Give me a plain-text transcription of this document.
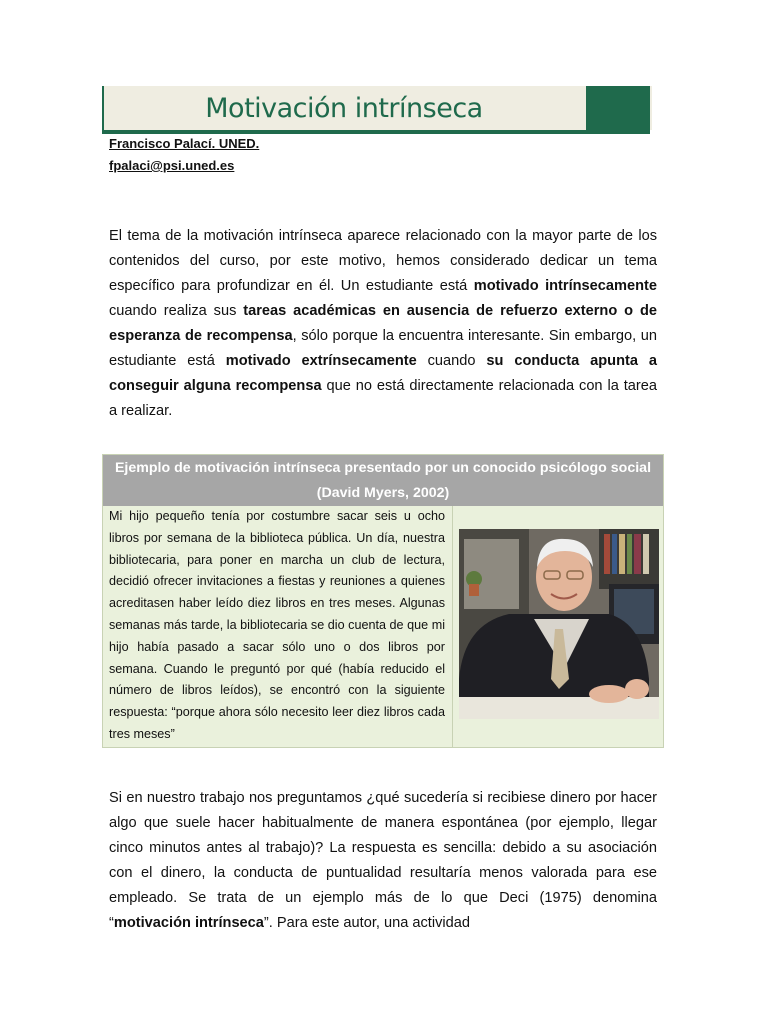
Motivación intrínseca
Francisco Palací. UNED.
fpalaci@psi.uned.es
El tema de la motivación intrínseca aparece relacionado con la mayor parte de los contenidos del curso, por este motivo, hemos considerado dedicar un tema específico para profundizar en él. Un estudiante está motivado intrínsecamente cuando realiza sus tareas académicas en ausencia de refuerzo externo o de esperanza de recompensa, sólo porque la encuentra interesante. Sin embargo, un estudiante está motivado extrínsecamente cuando su conducta apunta a conseguir alguna recompensa que no está directamente relacionada con la tarea a realizar.
Ejemplo de motivación intrínseca presentado por un conocido psicólogo social (David Myers, 2002)
Mi hijo pequeño tenía por costumbre sacar seis u ocho libros por semana de la biblioteca pública. Un día, nuestra bibliotecaria, para poner en marcha un club de lectura, decidió ofrecer invitaciones a fiestas y reuniones a quienes acreditasen haber leído diez libros en tres meses. Algunas semanas más tarde, la bibliotecaria se dio cuenta de que mi hijo había pasado a sacar sólo uno o dos libros por semana. Cuando le preguntó por qué (había reducido el número de libros leídos), se encontró con la siguiente respuesta: “porque ahora sólo necesito leer diez libros cada tres meses”
Si en nuestro trabajo nos preguntamos ¿qué sucedería si recibiese dinero por hacer algo que suele hacer habitualmente de manera espontánea (por ejemplo, llegar cinco minutos antes al trabajo)? La respuesta es sencilla: debido a su asociación con el dinero, la conducta de puntualidad resultaría menos valorada para ese empleado. Se trata de un ejemplo más de lo que Deci (1975) denomina “motivación intrínseca”. Para este autor, una actividad
